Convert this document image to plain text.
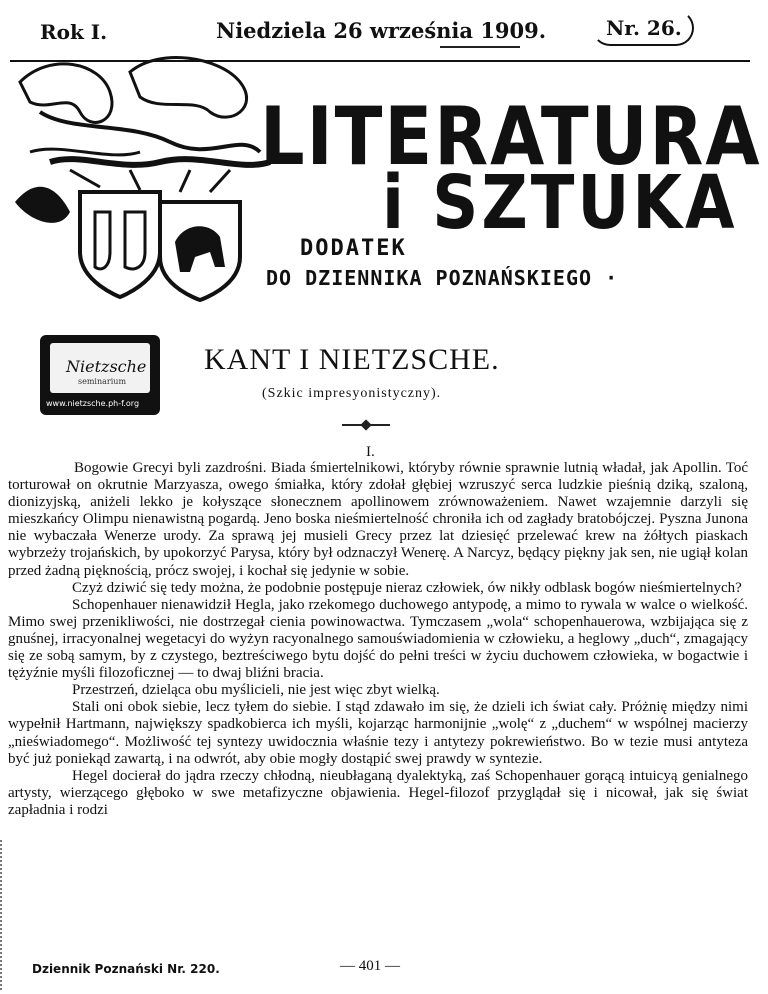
Rok I.	Niedziela 26 września 1909.	Nr. 26.
LITERATURA
i SZTUKA
DODATEK
DO DZIENNIKA POZNAŃSKIEGO ·
Nietzsche
seminarium
www.nietzsche.ph-f.org
KANT I NIETZSCHE.
(Szkic impresyonistyczny).
I.

Bogowie Grecyi byli zazdrośni. Biada śmiertelnikowi, któryby równie sprawnie lutnią władał, jak Apollin. Toć torturował on okrutnie Marzyasza, owego śmiałka, który zdołał głębiej wzruszyć serca ludzkie pieśnią dziką, szaloną, dionizyjską, aniżeli lekko je kołyszące słonecznem apollinowem zrównoważeniem. Nawet wzajemnie darzyli się mieszkańcy Olimpu nienawistną pogardą. Jeno boska nieśmiertelność chroniła ich od zagłady bratobójczej. Pyszna Junona nie wybaczała Wenerze urody. Za sprawą jej musieli Grecy przez lat dziesięć przelewać krew na żółtych piaskach wybrzeży trojańskich, by upokorzyć Parysa, który był odznaczył Wenerę. A Narcyz, będący piękny jak sen, nie ugiął kolan przed żadną pięknością, prócz swojej, i kochał się jedynie w sobie.

Czyż dziwić się tedy można, że podobnie postępuje nieraz człowiek, ów nikły odblask bogów nieśmiertelnych?

Schopenhauer nienawidził Hegla, jako rzekomego duchowego antypodę, a mimo to rywala w walce o wielkość. Mimo swej przenikliwości, nie dostrzegał cienia powinowactwa. Tymczasem „wola“ schopenhauerowa, wzbijająca się z gnuśnej, irracyonalnej wegetacyi do wyżyn racyonalnego samouświadomienia w człowieku, a heglowy „duch“, zmagający się ze sobą samym, by z czystego, beztreściwego bytu dojść do pełni treści w życiu duchowem człowieka, w bogactwie i tężyźnie myśli filozoficznej — to dwaj bliźni bracia.

Przestrzeń, dzieląca obu myślicieli, nie jest więc zbyt wielką.

Stali oni obok siebie, lecz tyłem do siebie. I stąd zdawało im się, że dzieli ich świat cały. Próżnię między nimi wypełnił Hartmann, największy spadkobierca ich myśli, kojarząc harmonijnie „wolę“ z „duchem“ w wspólnej macierzy „nieświadomego“. Możliwość tej syntezy uwidocznia właśnie tezy i antytezy pokrewieństwo. Bo w tezie musi antyteza być już poniekąd zawartą, i na odwrót, aby obie mogły dostąpić swej prawdy w syntezie.

Hegel docierał do jądra rzeczy chłodną, nieubłaganą dyalektyką, zaś Schopenhauer gorącą intuicyą genialnego artysty, wierzącego głęboko w swe metafizyczne objawienia. Hegel-filozof przyglądał się i nicował, jak się świat zapładnia i rodzi

Dziennik Poznański Nr. 220.	— 401 —
